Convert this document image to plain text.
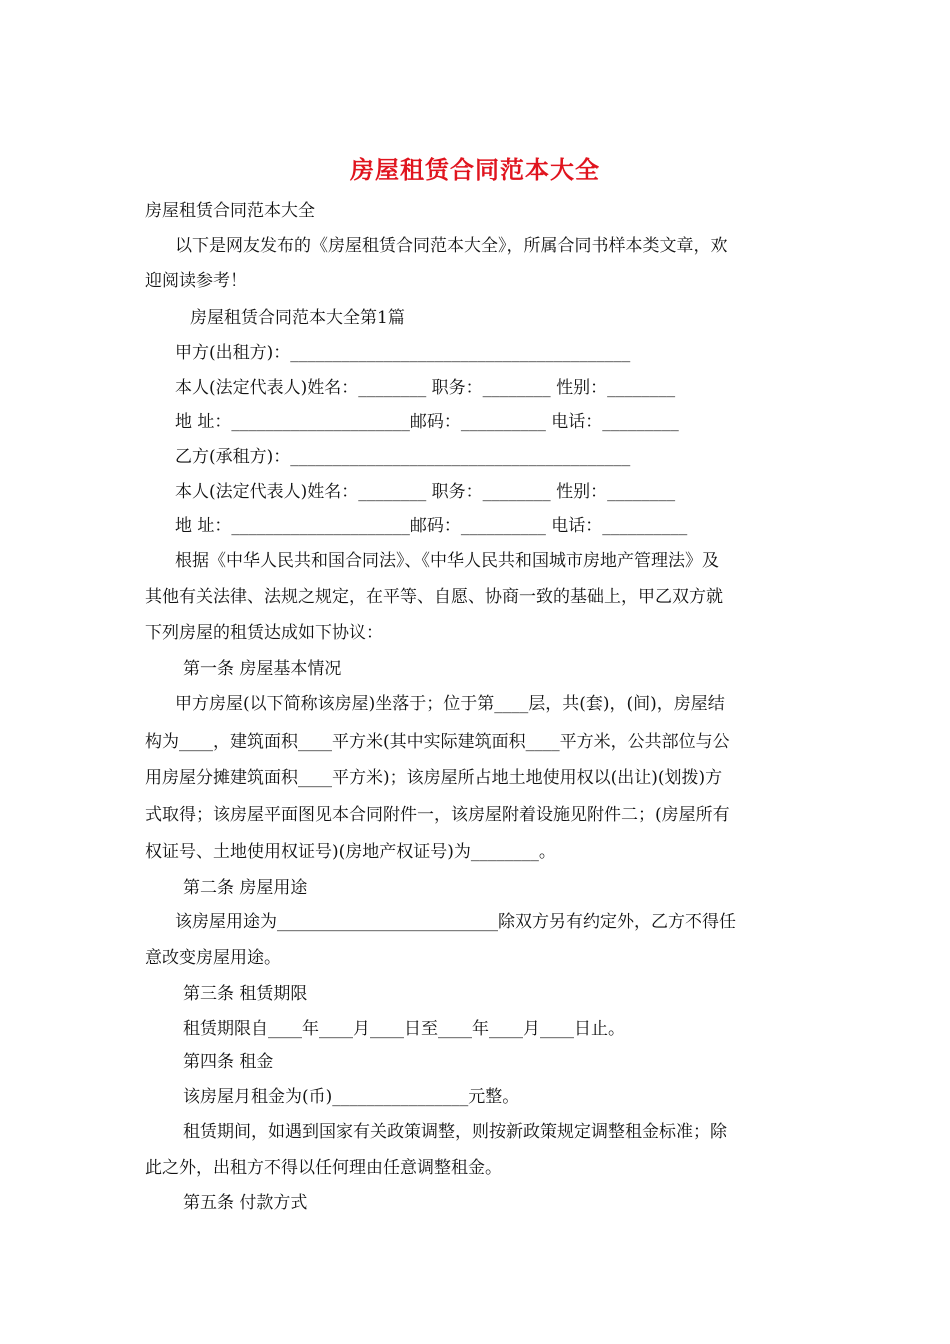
房屋租赁合同范本大全
房屋租赁合同范本大全
以下是网友发布的《房屋租赁合同范本大全》，所属合同书样本类文章，欢
迎阅读参考！
房屋租赁合同范本大全第1篇
甲方(出租方)：________________________________________
本人(法定代表人)姓名：________ 职务：________ 性别：________
地 址：_____________________邮码：__________ 电话：_________
乙方(承租方)：________________________________________
本人(法定代表人)姓名：________ 职务：________ 性别：________
地 址：_____________________邮码：__________ 电话：__________
根据《中华人民共和国合同法》、《中华人民共和国城市房地产管理法》及
其他有关法律、法规之规定，在平等、自愿、协商一致的基础上，甲乙双方就
下列房屋的租赁达成如下协议：
第一条 房屋基本情况
甲方房屋(以下简称该房屋)坐落于；位于第____层，共(套)，(间)，房屋结
构为____，建筑面积____平方米(其中实际建筑面积____平方米，公共部位与公
用房屋分摊建筑面积____平方米)；该房屋所占地土地使用权以(出让)(划拨)方
式取得；该房屋平面图见本合同附件一，该房屋附着设施见附件二；(房屋所有
权证号、土地使用权证号)(房地产权证号)为________。
第二条 房屋用途
该房屋用途为__________________________除双方另有约定外，乙方不得任
意改变房屋用途。
第三条 租赁期限
租赁期限自____年____月____日至____年____月____日止。
第四条 租金
该房屋月租金为(币)________________元整。
租赁期间，如遇到国家有关政策调整，则按新政策规定调整租金标准；除
此之外，出租方不得以任何理由任意调整租金。
第五条 付款方式
